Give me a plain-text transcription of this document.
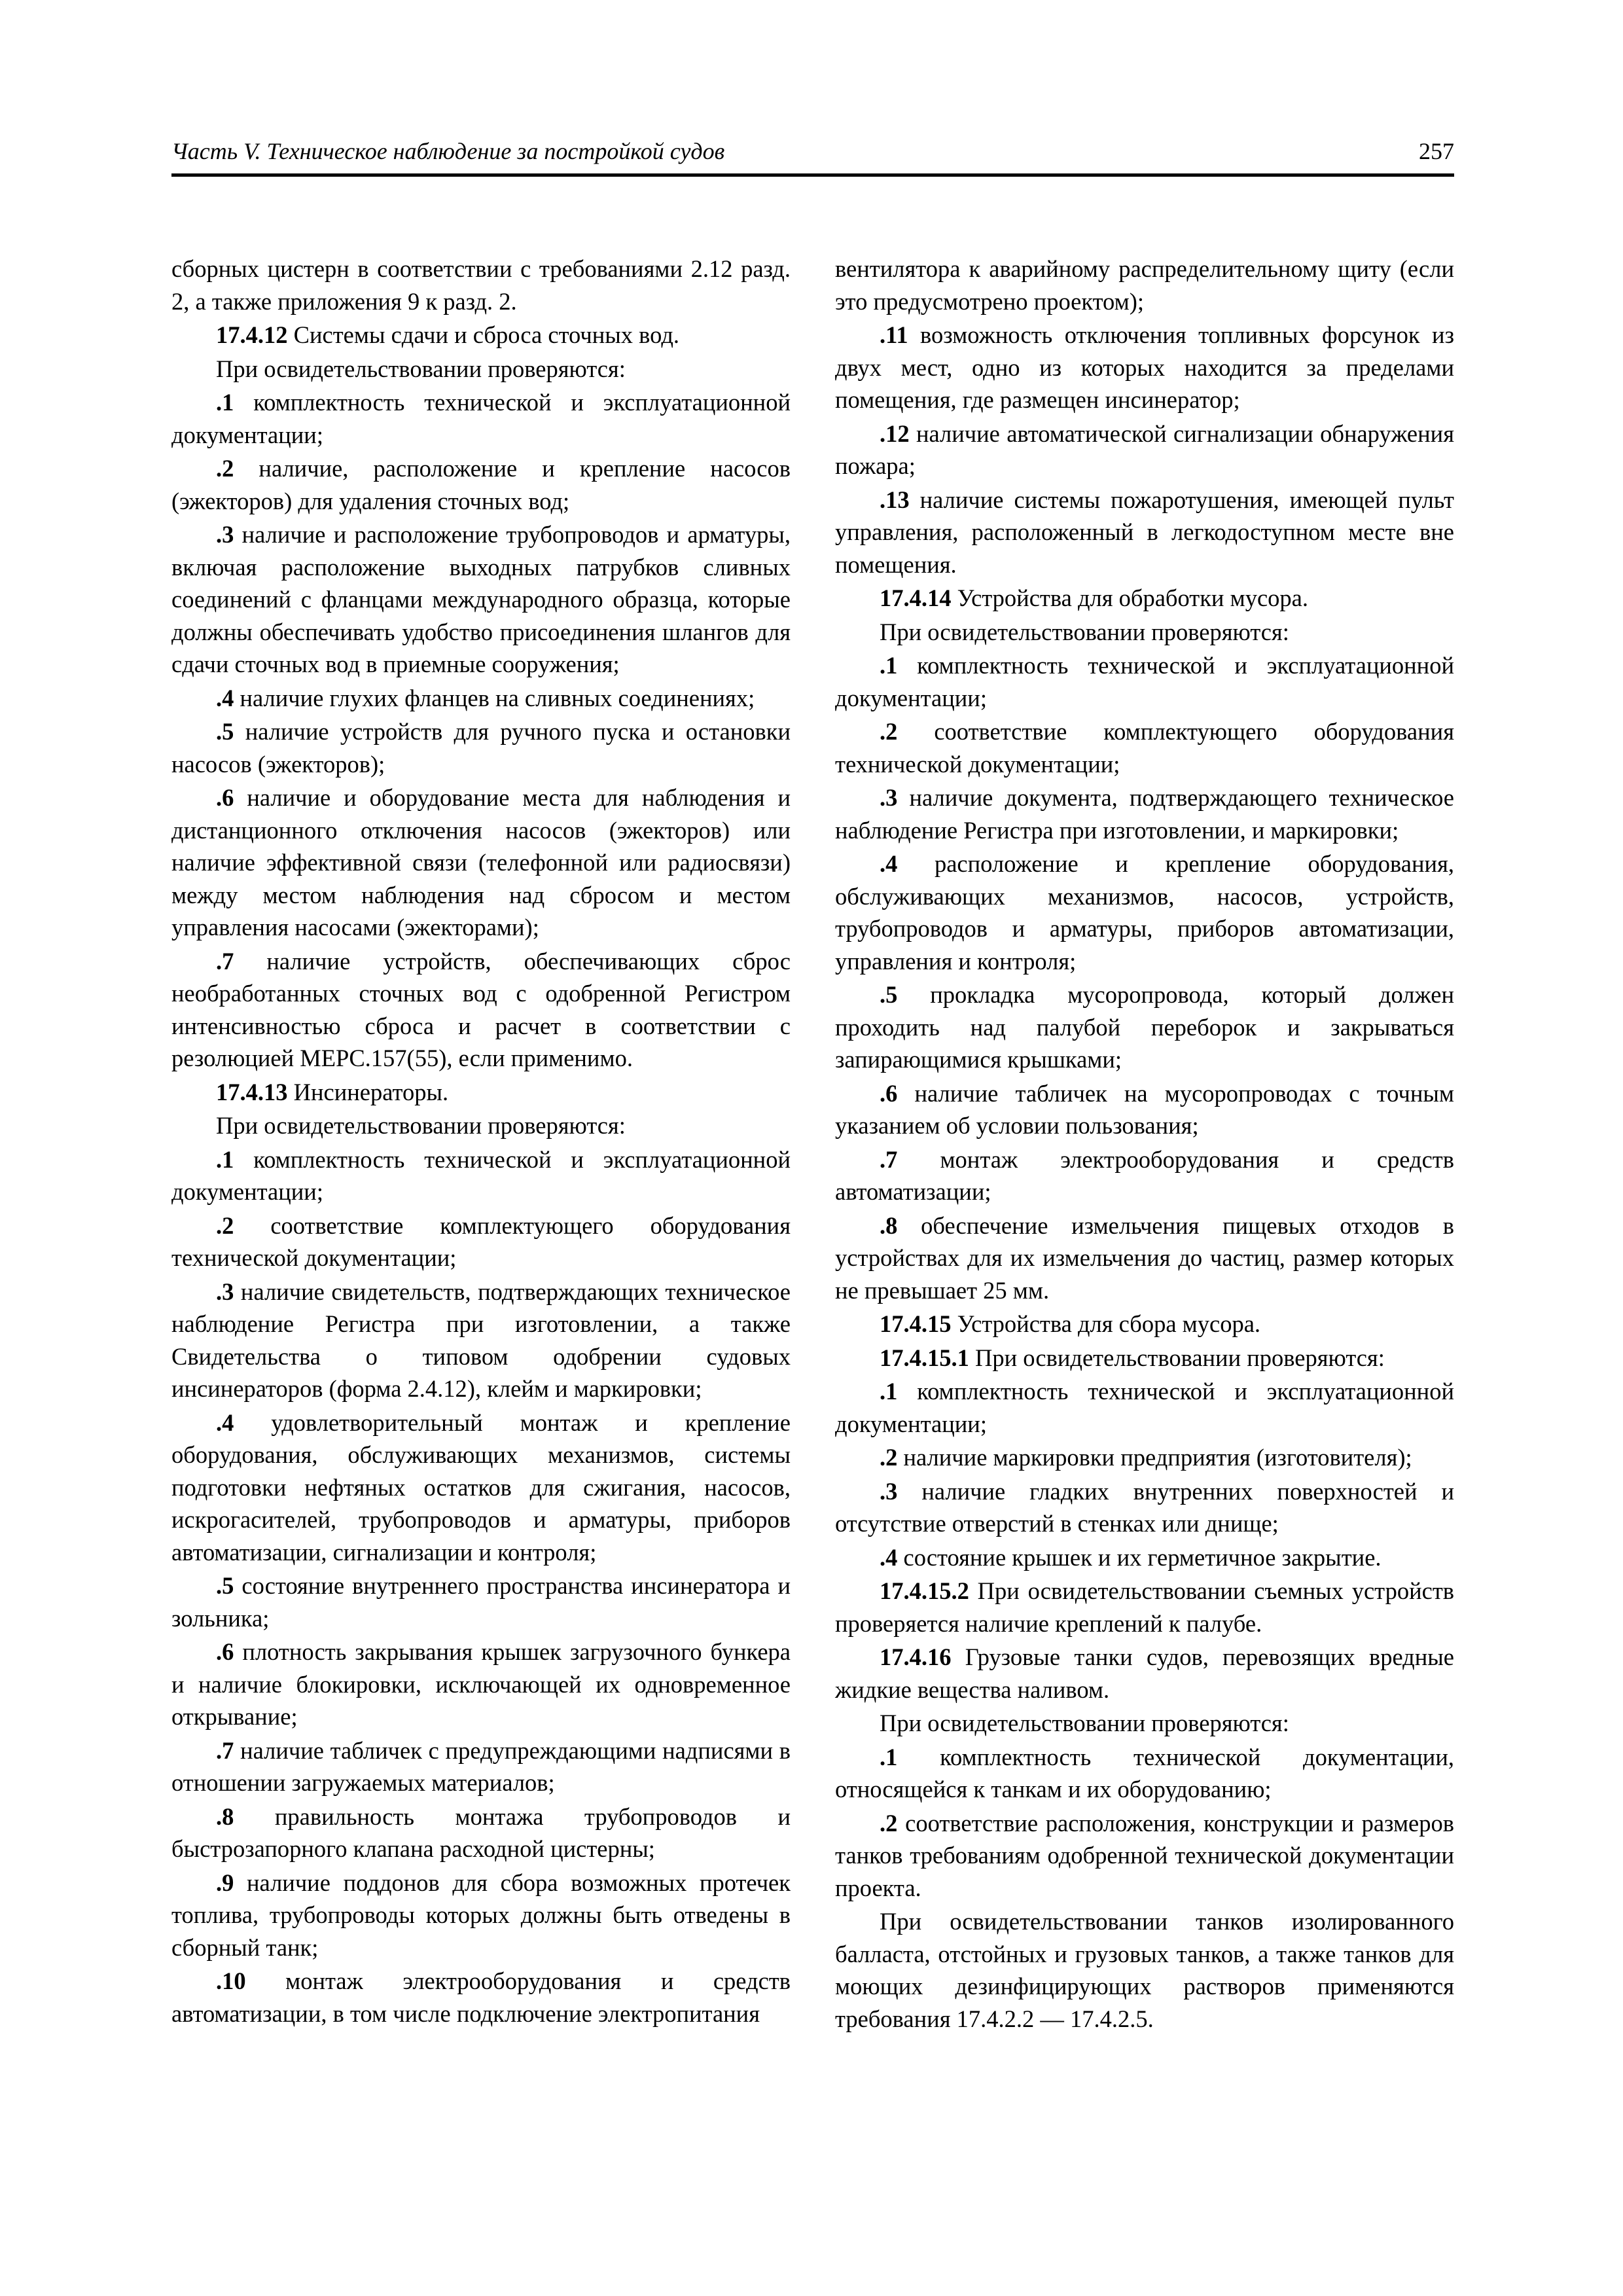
Часть V. Техническое наблюдение за постройкой судов	257

сборных цистерн в соответствии с требованиями 2.12 разд. 2, а также приложения 9 к разд. 2.

17.4.12 Системы сдачи и сброса сточных вод.

При освидетельствовании проверяются:

.1 комплектность технической и эксплуатационной документации;

.2 наличие, расположение и крепление насосов (эжекторов) для удаления сточных вод;

.3 наличие и расположение трубопроводов и арматуры, включая расположение выходных патрубков сливных соединений с фланцами международного образца, которые должны обеспечивать удобство присоединения шлангов для сдачи сточных вод в приемные сооружения;

.4 наличие глухих фланцев на сливных соединениях;

.5 наличие устройств для ручного пуска и остановки насосов (эжекторов);

.6 наличие и оборудование места для наблюдения и дистанционного отключения насосов (эжекторов) или наличие эффективной связи (телефонной или радиосвязи) между местом наблюдения над сбросом и местом управления насосами (эжекторами);

.7 наличие устройств, обеспечивающих сброс необработанных сточных вод с одобренной Регистром интенсивностью сброса и расчет в соответствии с резолюцией MEPC.157(55), если применимо.

17.4.13 Инсинераторы.

При освидетельствовании проверяются:

.1 комплектность технической и эксплуатационной документации;

.2 соответствие комплектующего оборудования технической документации;

.3 наличие свидетельств, подтверждающих техническое наблюдение Регистра при изготовлении, а также Свидетельства о типовом одобрении судовых инсинераторов (форма 2.4.12), клейм и маркировки;

.4 удовлетворительный монтаж и крепление оборудования, обслуживающих механизмов, системы подготовки нефтяных остатков для сжигания, насосов, искрогасителей, трубопроводов и арматуры, приборов автоматизации, сигнализации и контроля;

.5 состояние внутреннего пространства инсинератора и зольника;

.6 плотность закрывания крышек загрузочного бункера и наличие блокировки, исключающей их одновременное открывание;

.7 наличие табличек с предупреждающими надписями в отношении загружаемых материалов;

.8 правильность монтажа трубопроводов и быстрозапорного клапана расходной цистерны;

.9 наличие поддонов для сбора возможных протечек топлива, трубопроводы которых должны быть отведены в сборный танк;

.10 монтаж электрооборудования и средств автоматизации, в том числе подключение электропитания

вентилятора к аварийному распределительному щиту (если это предусмотрено проектом);

.11 возможность отключения топливных форсунок из двух мест, одно из которых находится за пределами помещения, где размещен инсинератор;

.12 наличие автоматической сигнализации обнаружения пожара;

.13 наличие системы пожаротушения, имеющей пульт управления, расположенный в легкодоступном месте вне помещения.

17.4.14 Устройства для обработки мусора.

При освидетельствовании проверяются:

.1 комплектность технической и эксплуатационной документации;

.2 соответствие комплектующего оборудования технической документации;

.3 наличие документа, подтверждающего техническое наблюдение Регистра при изготовлении, и маркировки;

.4 расположение и крепление оборудования, обслуживающих механизмов, насосов, устройств, трубопроводов и арматуры, приборов автоматизации, управления и контроля;

.5 прокладка мусоропровода, который должен проходить над палубой переборок и закрываться запирающимися крышками;

.6 наличие табличек на мусоропроводах с точным указанием об условии пользования;

.7 монтаж электрооборудования и средств автоматизации;

.8 обеспечение измельчения пищевых отходов в устройствах для их измельчения до частиц, размер которых не превышает 25 мм.

17.4.15 Устройства для сбора мусора.

17.4.15.1 При освидетельствовании проверяются:

.1 комплектность технической и эксплуатационной документации;

.2 наличие маркировки предприятия (изготовителя);

.3 наличие гладких внутренних поверхностей и отсутствие отверстий в стенках или днище;

.4 состояние крышек и их герметичное закрытие.

17.4.15.2 При освидетельствовании съемных устройств проверяется наличие креплений к палубе.

17.4.16 Грузовые танки судов, перевозящих вредные жидкие вещества наливом.

При освидетельствовании проверяются:

.1 комплектность технической документации, относящейся к танкам и их оборудованию;

.2 соответствие расположения, конструкции и размеров танков требованиям одобренной технической документации проекта.

При освидетельствовании танков изолированного балласта, отстойных и грузовых танков, а также танков для моющих дезинфицирующих растворов применяются требования 17.4.2.2 — 17.4.2.5.
